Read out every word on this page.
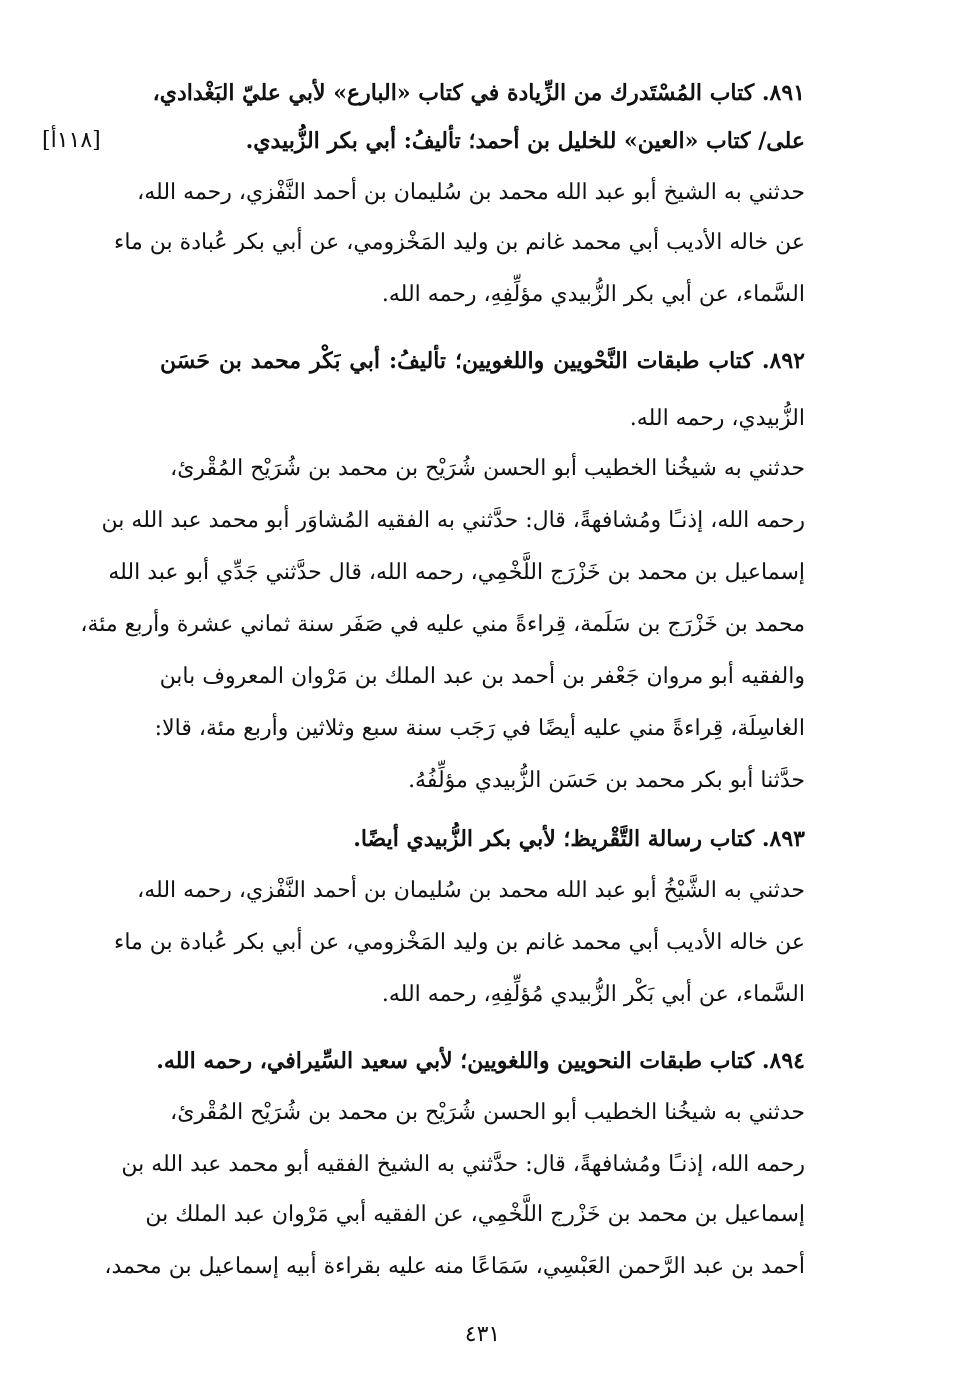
[١١٨أ]
٨٩١. كتاب المُسْتَدرك من الزِّيادة في كتاب «البارع» لأبي عليّ البَغْدادي،
على/ كتاب «العين» للخليل بن أحمد؛ تأليفُ: أبي بكر الزُّبيدي.
حدثني به الشيخ أبو عبد الله محمد بن سُليمان بن أحمد النَّفْزي، رحمه الله،
عن خاله الأديب أبي محمد غانم بن وليد المَخْزومي، عن أبي بكر عُبادة بن ماء
السَّماء، عن أبي بكر الزُّبيدي مؤلِّفِهِ، رحمه الله.
٨٩٢. كتاب طبقات النَّحْويين واللغويين؛ تأليفُ: أبي بَكْر محمد بن حَسَن
الزُّبيدي، رحمه الله.
حدثني به شيخُنا الخطيب أبو الحسن شُرَيْح بن محمد بن شُرَيْح المُقْرئ،
رحمه الله، إذنـًا ومُشافهةً، قال: حدَّثني به الفقيه المُشاوَر أبو محمد عبد الله بن
إسماعيل بن محمد بن خَزْرَج اللَّخْمِي، رحمه الله، قال حدَّثني جَدِّي أبو عبد الله
محمد بن خَزْرَج بن سَلَمة، قِراءةً مني عليه في صَفَر سنة ثماني عشرة وأربع مئة،
والفقيه أبو مروان جَعْفر بن أحمد بن عبد الملك بن مَرْوان المعروف بابن
الغاسِلَة، قِراءةً مني عليه أيضًا في رَجَب سنة سبع وثلاثين وأربع مئة، قالا:
حدَّثنا أبو بكر محمد بن حَسَن الزُّبيدي مؤلِّفُهُ.
٨٩٣. كتاب رسالة التَّقْريظ؛ لأبي بكر الزُّبيدي أيضًا.
حدثني به الشَّيْخُ أبو عبد الله محمد بن سُليمان بن أحمد النَّفْزي، رحمه الله،
عن خاله الأديب أبي محمد غانم بن وليد المَخْزومي، عن أبي بكر عُبادة بن ماء
السَّماء، عن أبي بَكْر الزُّبيدي مُؤلِّفِهِ، رحمه الله.
٨٩٤. كتاب طبقات النحويين واللغويين؛ لأبي سعيد السِّيرافي، رحمه الله.
حدثني به شيخُنا الخطيب أبو الحسن شُرَيْح بن محمد بن شُرَيْح المُقْرئ،
رحمه الله، إذنـًا ومُشافهةً، قال: حدَّثني به الشيخ الفقيه أبو محمد عبد الله بن
إسماعيل بن محمد بن خَزْرج اللَّخْمِي، عن الفقيه أبي مَرْوان عبد الملك بن
أحمد بن عبد الرَّحمن العَبْسِي، سَمَاعًا منه عليه بقراءة أبيه إسماعيل بن محمد،
٤٣١
